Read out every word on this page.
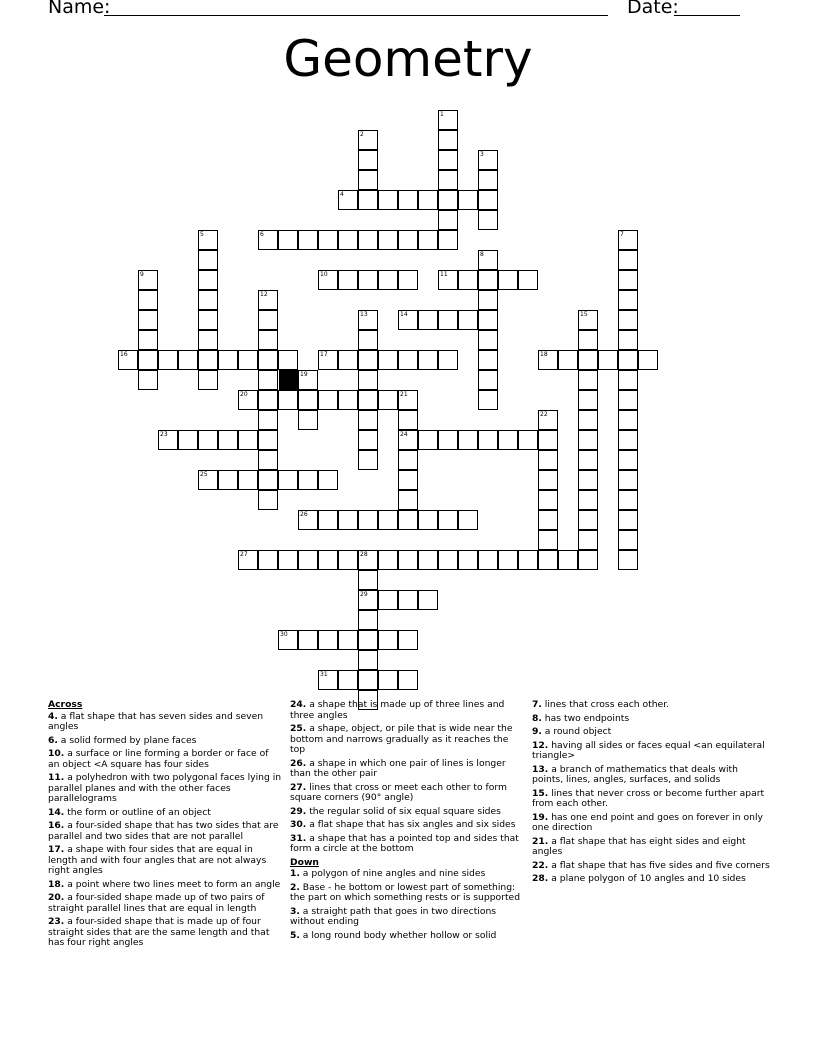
Name:	Date:
Geometry
1
2
3
4
5	6	7
8
9	10	11
12
13	14	15
16	17	18
19
20	21
24
22
23
25
26
27	28
29
30
31
Across
4. a flat shape that has seven sides and seven angles
6. a solid formed by plane faces
10. a surface or line forming a border or face of an object <A square has four sides
11. a polyhedron with two polygonal faces lying in parallel planes and with the other faces parallelograms
14. the form or outline of an object
16. a four-sided shape that has two sides that are parallel and two sides that are not parallel
17. a shape with four sides that are equal in length and with four angles that are not always right angles
18. a point where two lines meet to form an angle
20. a four-sided shape made up of two pairs of straight parallel lines that are equal in length
23. a four-sided shape that is made up of four straight sides that are the same length and that has four right angles
24. a shape that is made up of three lines and three angles
25. a shape, object, or pile that is wide near the bottom and narrows gradually as it reaches the top
26. a shape in which one pair of lines is longer than the other pair
27. lines that cross or meet each other to form square corners (90° angle)
29. the regular solid of six equal square sides
30. a flat shape that has six angles and six sides
31. a shape that has a pointed top and sides that form a circle at the bottom
Down
1. a polygon of nine angles and nine sides
2. Base - he bottom or lowest part of something: the part on which something rests or is supported
3. a straight path that goes in two directions without ending
5. a long round body whether hollow or solid
7. lines that cross each other.
8. has two endpoints
9. a round object
12. having all sides or faces equal <an equilateral triangle>
13. a branch of mathematics that deals with points, lines, angles, surfaces, and solids
15. lines that never cross or become further apart from each other.
19. has one end point and goes on forever in only one direction
21. a flat shape that has eight sides and eight angles
22. a flat shape that has five sides and five corners
28. a plane polygon of 10 angles and 10 sides
